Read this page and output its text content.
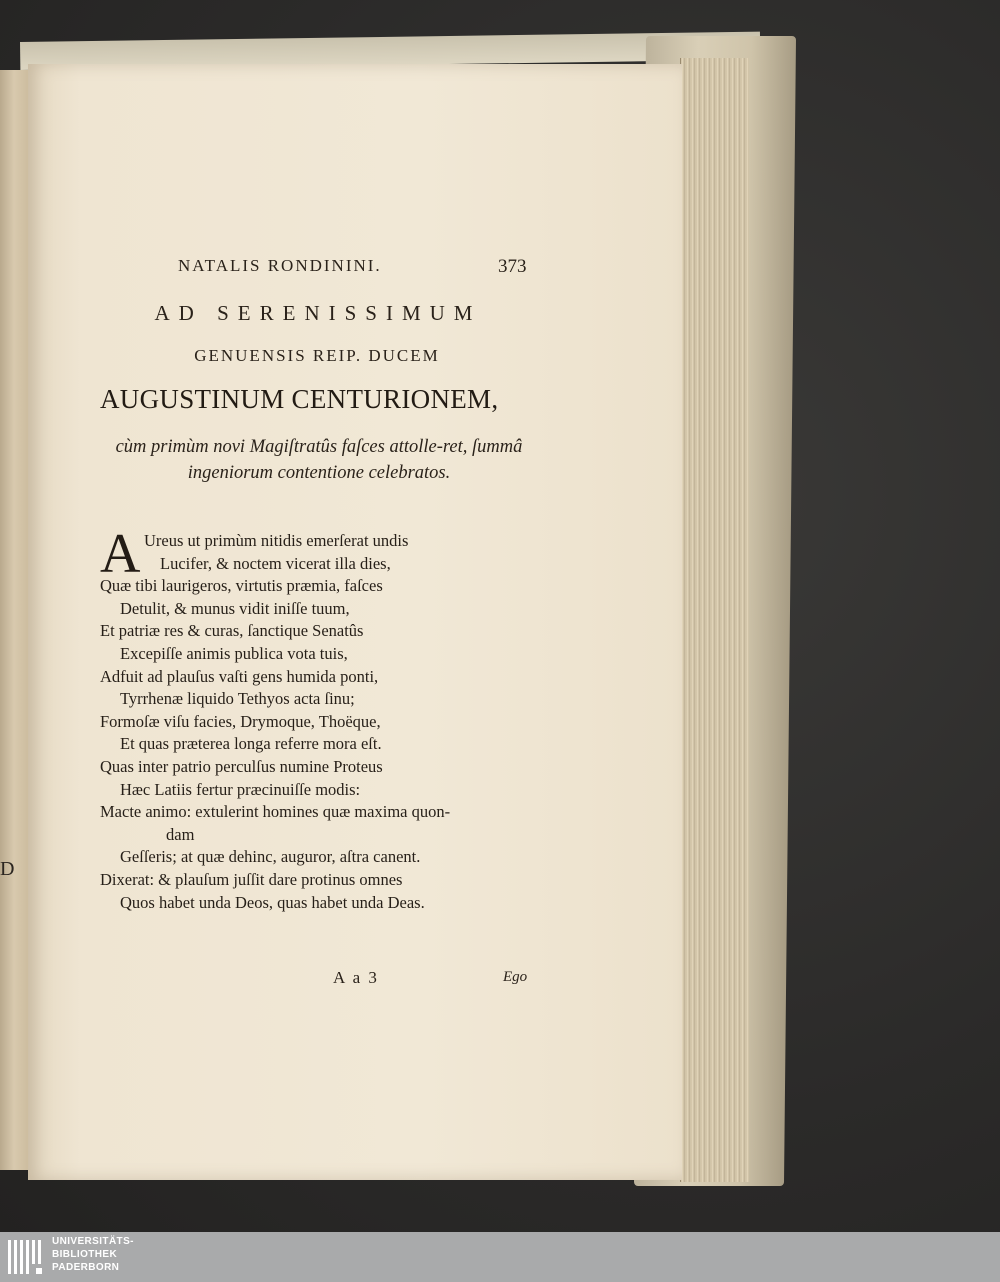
D
NATALIS RONDININI.	373
AD SERENISSIMUM
GENUENSIS REIP. DUCEM
AUGUSTINUM CENTURIONEM,

cùm primùm novi Magiſtratûs faſces attolle-ret, ſummâ ingeniorum contentione celebratos.

A Ureus ut primùm nitidis emerſerat undis
Lucifer, & noctem vicerat illa dies,
Quæ tibi laurigeros, virtutis præmia, faſces
Detulit, & munus vidit iniſſe tuum,
Et patriæ res & curas, ſanctique Senatûs
Excepiſſe animis publica vota tuis,
Adfuit ad plauſus vaſti gens humida ponti,
Tyrrhenæ liquido Tethyos acta ſinu;
Formoſæ viſu facies, Drymoque, Thoëque,
Et quas præterea longa referre mora eſt.
Quas inter patrio perculſus numine Proteus
Hæc Latiis fertur præcinuiſſe modis:
Macte animo: extulerint homines quæ maxima quon-
dam
Geſſeris; at quæ dehinc, auguror, aſtra canent.
Dixerat: & plauſum juſſit dare protinus omnes
Quos habet unda Deos, quas habet unda Deas.
A a 3	Ego
UNIVERSITÄTS-
BIBLIOTHEK
PADERBORN
